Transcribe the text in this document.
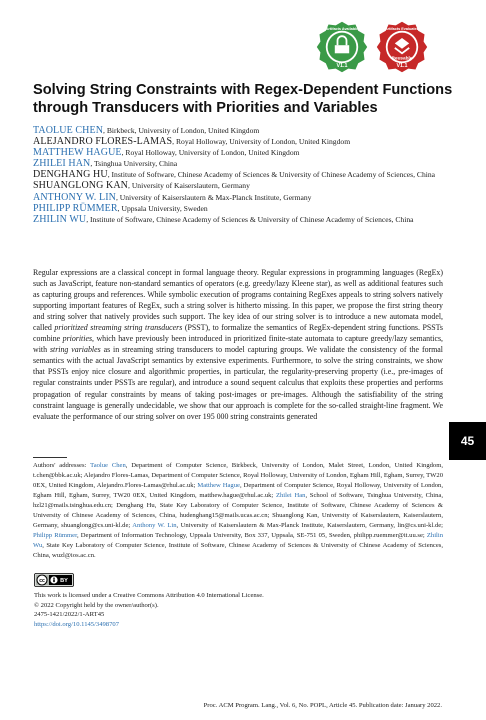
V1.1
Artifacts Available	Artifacts Evaluated
Reusable
V1.1
Solving String Constraints with Regex-Dependent Functions through Transducers with Priorities and Variables

TAOLUE CHEN, Birkbeck, University of London, United Kingdom

ALEJANDRO FLORES-LAMAS, Royal Holloway, University of London, United Kingdom

MATTHEW HAGUE, Royal Holloway, University of London, United Kingdom

ZHILEI HAN, Tsinghua University, China

DENGHANG HU, Institute of Software, Chinese Academy of Sciences & University of Chinese Academy of Sciences, China

SHUANGLONG KAN, University of Kaiserslautern, Germany

ANTHONY W. LIN, University of Kaiserslautern & Max-Planck Institute, Germany

PHILIPP RÜMMER, Uppsala University, Sweden

ZHILIN WU, Institute of Software, Chinese Academy of Sciences & University of Chinese Academy of Sciences, China

Regular expressions are a classical concept in formal language theory. Regular expressions in programming languages (RegEx) such as JavaScript, feature non-standard semantics of operators (e.g. greedy/lazy Kleene star), as well as additional features such as capturing groups and references. While symbolic execution of programs containing RegExes appeals to string solvers natively supporting important features of RegEx, such a string solver is hitherto missing. In this paper, we propose the first string theory and string solver that natively provides such support. The key idea of our string solver is to introduce a new automata model, called prioritized streaming string transducers (PSST), to formalize the semantics of RegEx-dependent string functions. PSSTs combine priorities, which have previously been introduced in prioritized finite-state automata to capture greedy/lazy semantics, with string variables as in streaming string transducers to model capturing groups. We validate the consistency of the formal semantics with the actual JavaScript semantics by extensive experiments. Furthermore, to solve the string constraints, we show that PSSTs enjoy nice closure and algorithmic properties, in particular, the regularity-preserving property (i.e., pre-images of regular constraints under PSSTs are regular), and introduce a sound sequent calculus that exploits these properties and performs propagation of regular constraints by means of taking post-images or pre-images. Although the satisfiability of the string constraint language is generally undecidable, we show that our approach is complete for the so-called straight-line fragment. We evaluate the performance of our string solver on over 195 000 string constraints generated

Authors' addresses: Taolue Chen, Department of Computer Science, Birkbeck, University of London, Malet Street, London, United Kingdom, t.chen@bbk.ac.uk; Alejandro Flores-Lamas, Department of Computer Science, Royal Holloway, University of London, Egham Hill, Egham, Surrey, TW20 0EX, United Kingdom, Alejandro.Flores-Lamas@rhul.ac.uk; Matthew Hague, Department of Computer Science, Royal Holloway, University of London, Egham Hill, Egham, Surrey, TW20 0EX, United Kingdom, matthew.hague@rhul.ac.uk; Zhilei Han, School of Software, Tsinghua University, China, hzl21@mails.tsinghua.edu.cn; Denghang Hu, State Key Laboratory of Computer Science, Institute of Software, Chinese Academy of Sciences & University of Chinese Academy of Sciences, China, hudenghang15@mails.ucas.ac.cn; Shuanglong Kan, University of Kaiserslautern, Kaiserslautern, Germany, shuanglong@cs.uni-kl.de; Anthony W. Lin, University of Kaiserslautern & Max-Planck Institute, Kaiserslautern, Germany, lin@cs.uni-kl.de; Philipp Rümmer, Department of Information Technology, Uppsala University, Box 337, Uppsala, SE-751 05, Sweden, philipp.ruemmer@it.uu.se; Zhilin Wu, State Key Laboratory of Computer Science, Institute of Software, Chinese Academy of Sciences & University of Chinese Academy of Sciences, China, wuzl@ios.ac.cn.

cc	BY

This work is licensed under a Creative Commons Attribution 4.0 International License.

© 2022 Copyright held by the owner/author(s).

2475-1421/2022/1-ART45

https://doi.org/10.1145/3498707

Proc. ACM Program. Lang., Vol. 6, No. POPL, Article 45. Publication date: January 2022.
45
